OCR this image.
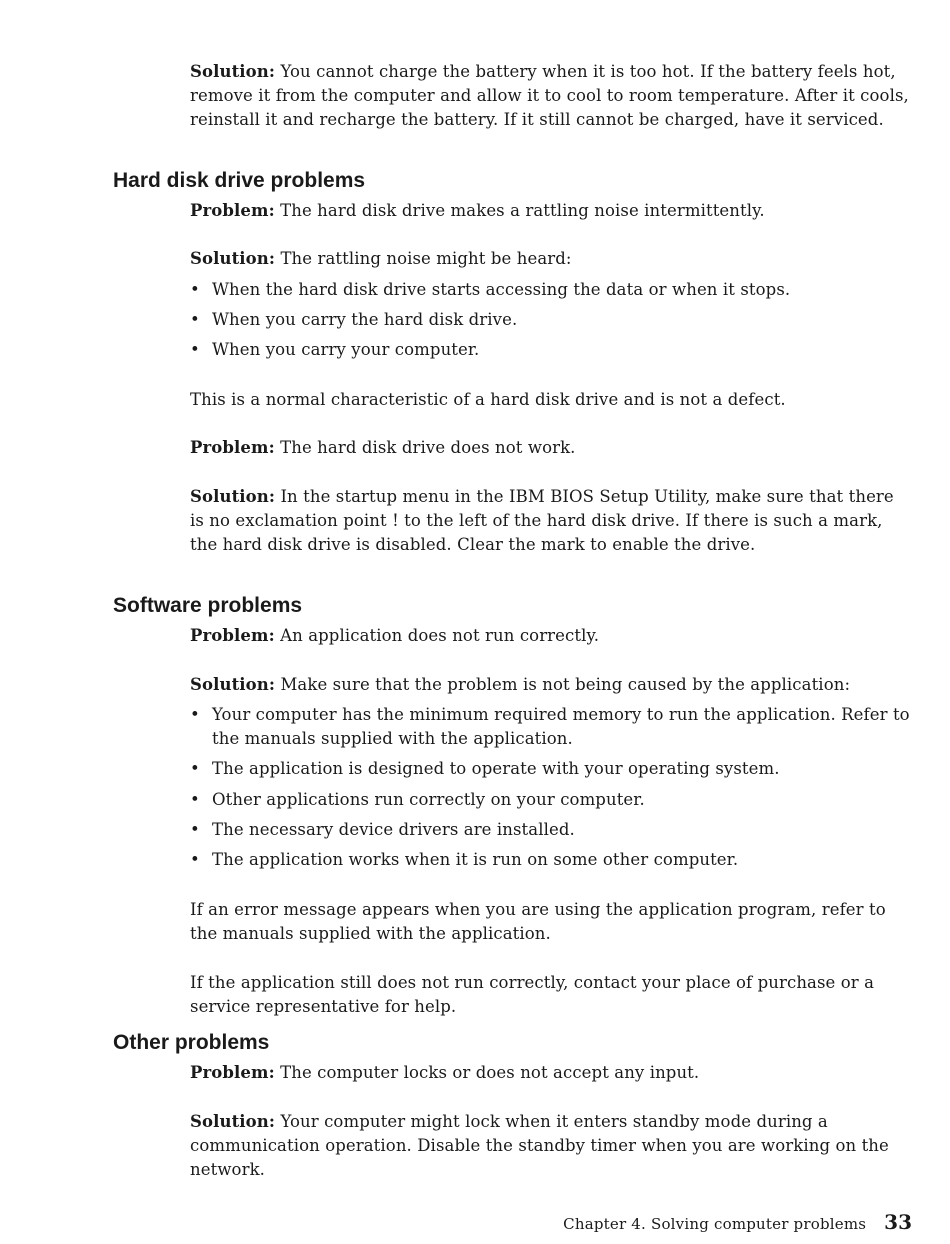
Solution: You cannot charge the battery when it is too hot. If the battery feels hot, remove it from the computer and allow it to cool to room temperature. After it cools, reinstall it and recharge the battery. If it still cannot be charged, have it serviced.

Hard disk drive problems

Problem: The hard disk drive makes a rattling noise intermittently.

Solution: The rattling noise might be heard:

• When the hard disk drive starts accessing the data or when it stops.
• When you carry the hard disk drive.
• When you carry your computer.

This is a normal characteristic of a hard disk drive and is not a defect.

Problem: The hard disk drive does not work.

Solution: In the startup menu in the IBM BIOS Setup Utility, make sure that there is no exclamation point ! to the left of the hard disk drive. If there is such a mark, the hard disk drive is disabled. Clear the mark to enable the drive.

Software problems

Problem: An application does not run correctly.

Solution: Make sure that the problem is not being caused by the application:

• Your computer has the minimum required memory to run the application. Refer to the manuals supplied with the application.
• The application is designed to operate with your operating system.
• Other applications run correctly on your computer.
• The necessary device drivers are installed.
• The application works when it is run on some other computer.

If an error message appears when you are using the application program, refer to the manuals supplied with the application.

If the application still does not run correctly, contact your place of purchase or a service representative for help.

Other problems

Problem: The computer locks or does not accept any input.

Solution: Your computer might lock when it enters standby mode during a communication operation. Disable the standby timer when you are working on the network.

Chapter 4. Solving computer problems 33
